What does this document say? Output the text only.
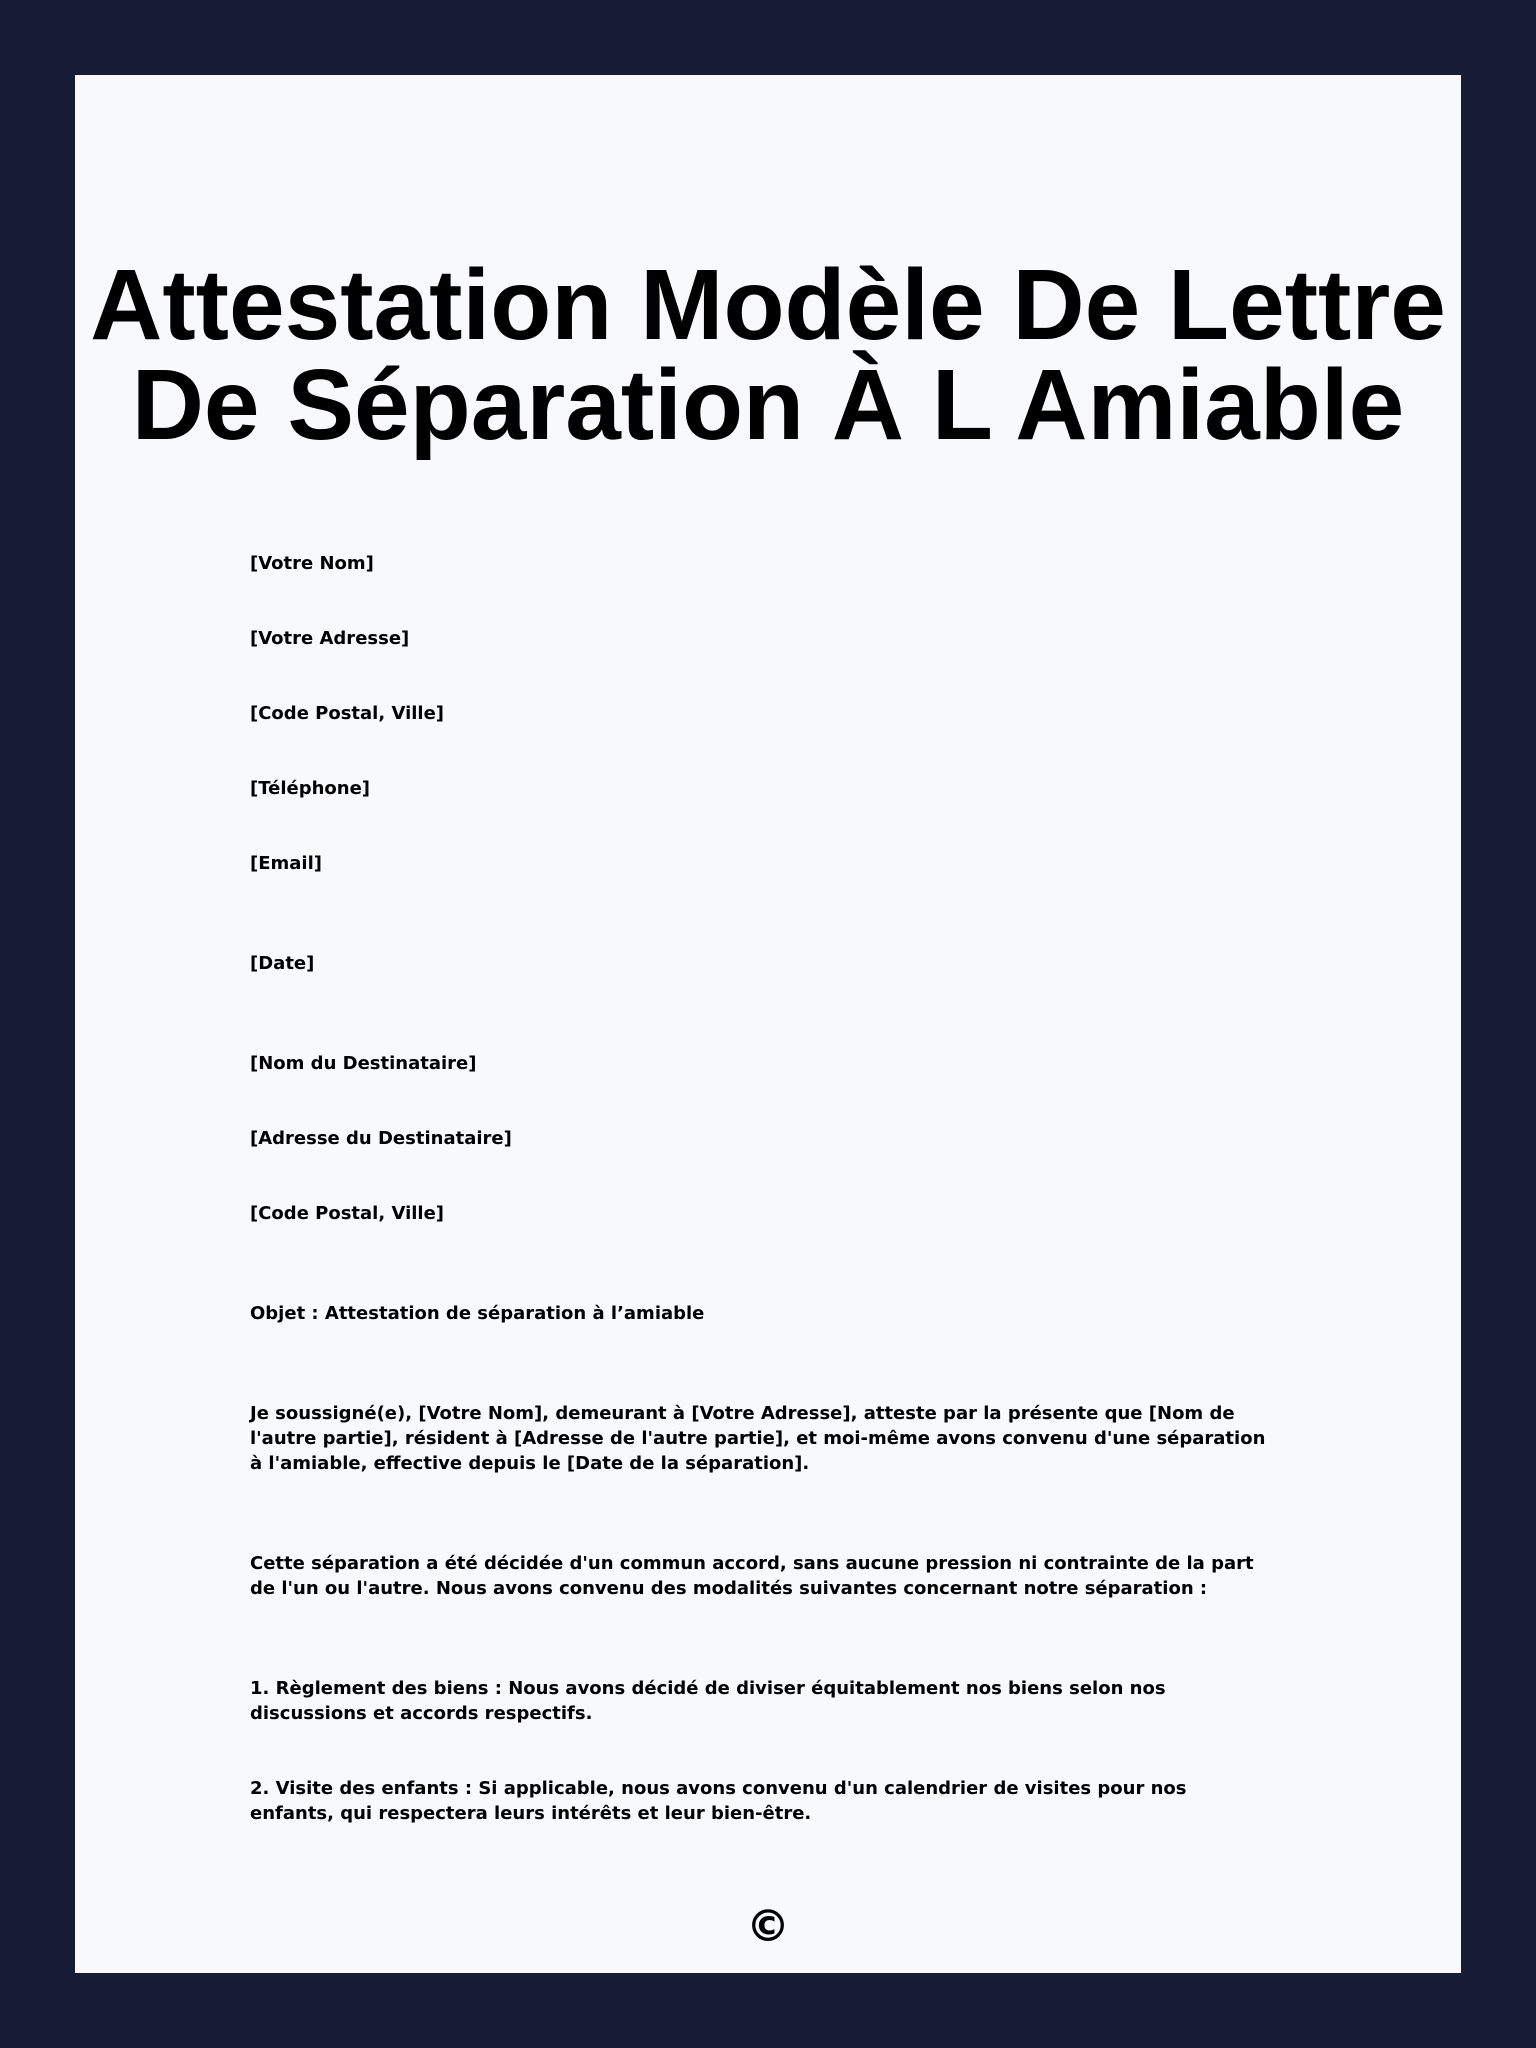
Attestation Modèle De Lettre De Séparation À L Amiable

[Votre Nom]

[Votre Adresse]

[Code Postal, Ville]

[Téléphone]

[Email]

[Date]

[Nom du Destinataire]

[Adresse du Destinataire]

[Code Postal, Ville]

Objet : Attestation de séparation à l’amiable

Je soussigné(e), [Votre Nom], demeurant à [Votre Adresse], atteste par la présente que [Nom de l'autre partie], résident à [Adresse de l'autre partie], et moi-même avons convenu d'une séparation à l'amiable, effective depuis le [Date de la séparation].

Cette séparation a été décidée d'un commun accord, sans aucune pression ni contrainte de la part de l'un ou l'autre. Nous avons convenu des modalités suivantes concernant notre séparation :

1. Règlement des biens : Nous avons décidé de diviser équitablement nos biens selon nos discussions et accords respectifs.

2. Visite des enfants : Si applicable, nous avons convenu d'un calendrier de visites pour nos enfants, qui respectera leurs intérêts et leur bien-être.

©
